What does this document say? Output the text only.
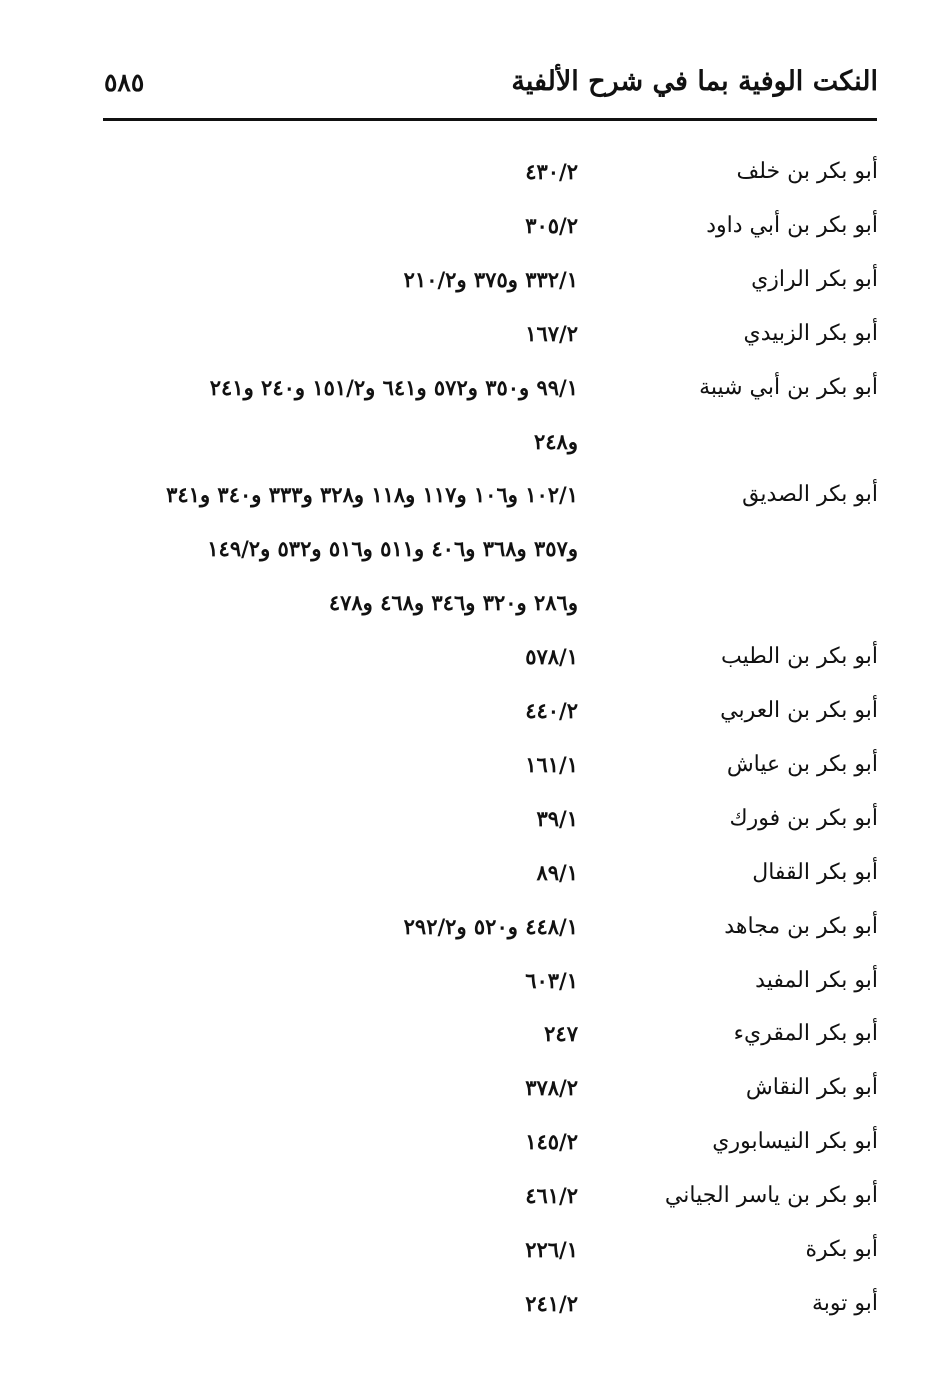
النكت الوفية بما في شرح الألفية
٥٨٥
أبو بكر بن خلف
٤٣٠/٢
أبو بكر بن أبي داود
٣٠٥/٢
أبو بكر الرازي
٣٣٢/١ و٣٧٥ و٢١٠/٢
أبو بكر الزبيدي
١٦٧/٢
أبو بكر بن أبي شيبة
٩٩/١ و٣٥٠ و٥٧٢ و٦٤١ و١٥١/٢ و٢٤٠ و٢٤١
و٢٤٨
أبو بكر الصديق
١٠٢/١ و١٠٦ و١١٧ و١١٨ و٣٢٨ و٣٣٣ و٣٤٠ و٣٤١
و٣٥٧ و٣٦٨ و٤٠٦ و٥١١ و٥١٦ و٥٣٢ و١٤٩/٢
و٢٨٦ و٣٢٠ و٣٤٦ و٤٦٨ و٤٧٨
أبو بكر بن الطيب
٥٧٨/١
أبو بكر بن العربي
٤٤٠/٢
أبو بكر بن عياش
١٦١/١
أبو بكر بن فورك
٣٩/١
أبو بكر القفال
٨٩/١
أبو بكر بن مجاهد
٤٤٨/١ و٥٢٠ و٢٩٢/٢
أبو بكر المفيد
٦٠٣/١
أبو بكر المقريء
٢٤٧
أبو بكر النقاش
٣٧٨/٢
أبو بكر النيسابوري
١٤٥/٢
أبو بكر بن ياسر الجياني
٤٦١/٢
أبو بكرة
٢٢٦/١
أبو توبة
٢٤١/٢
